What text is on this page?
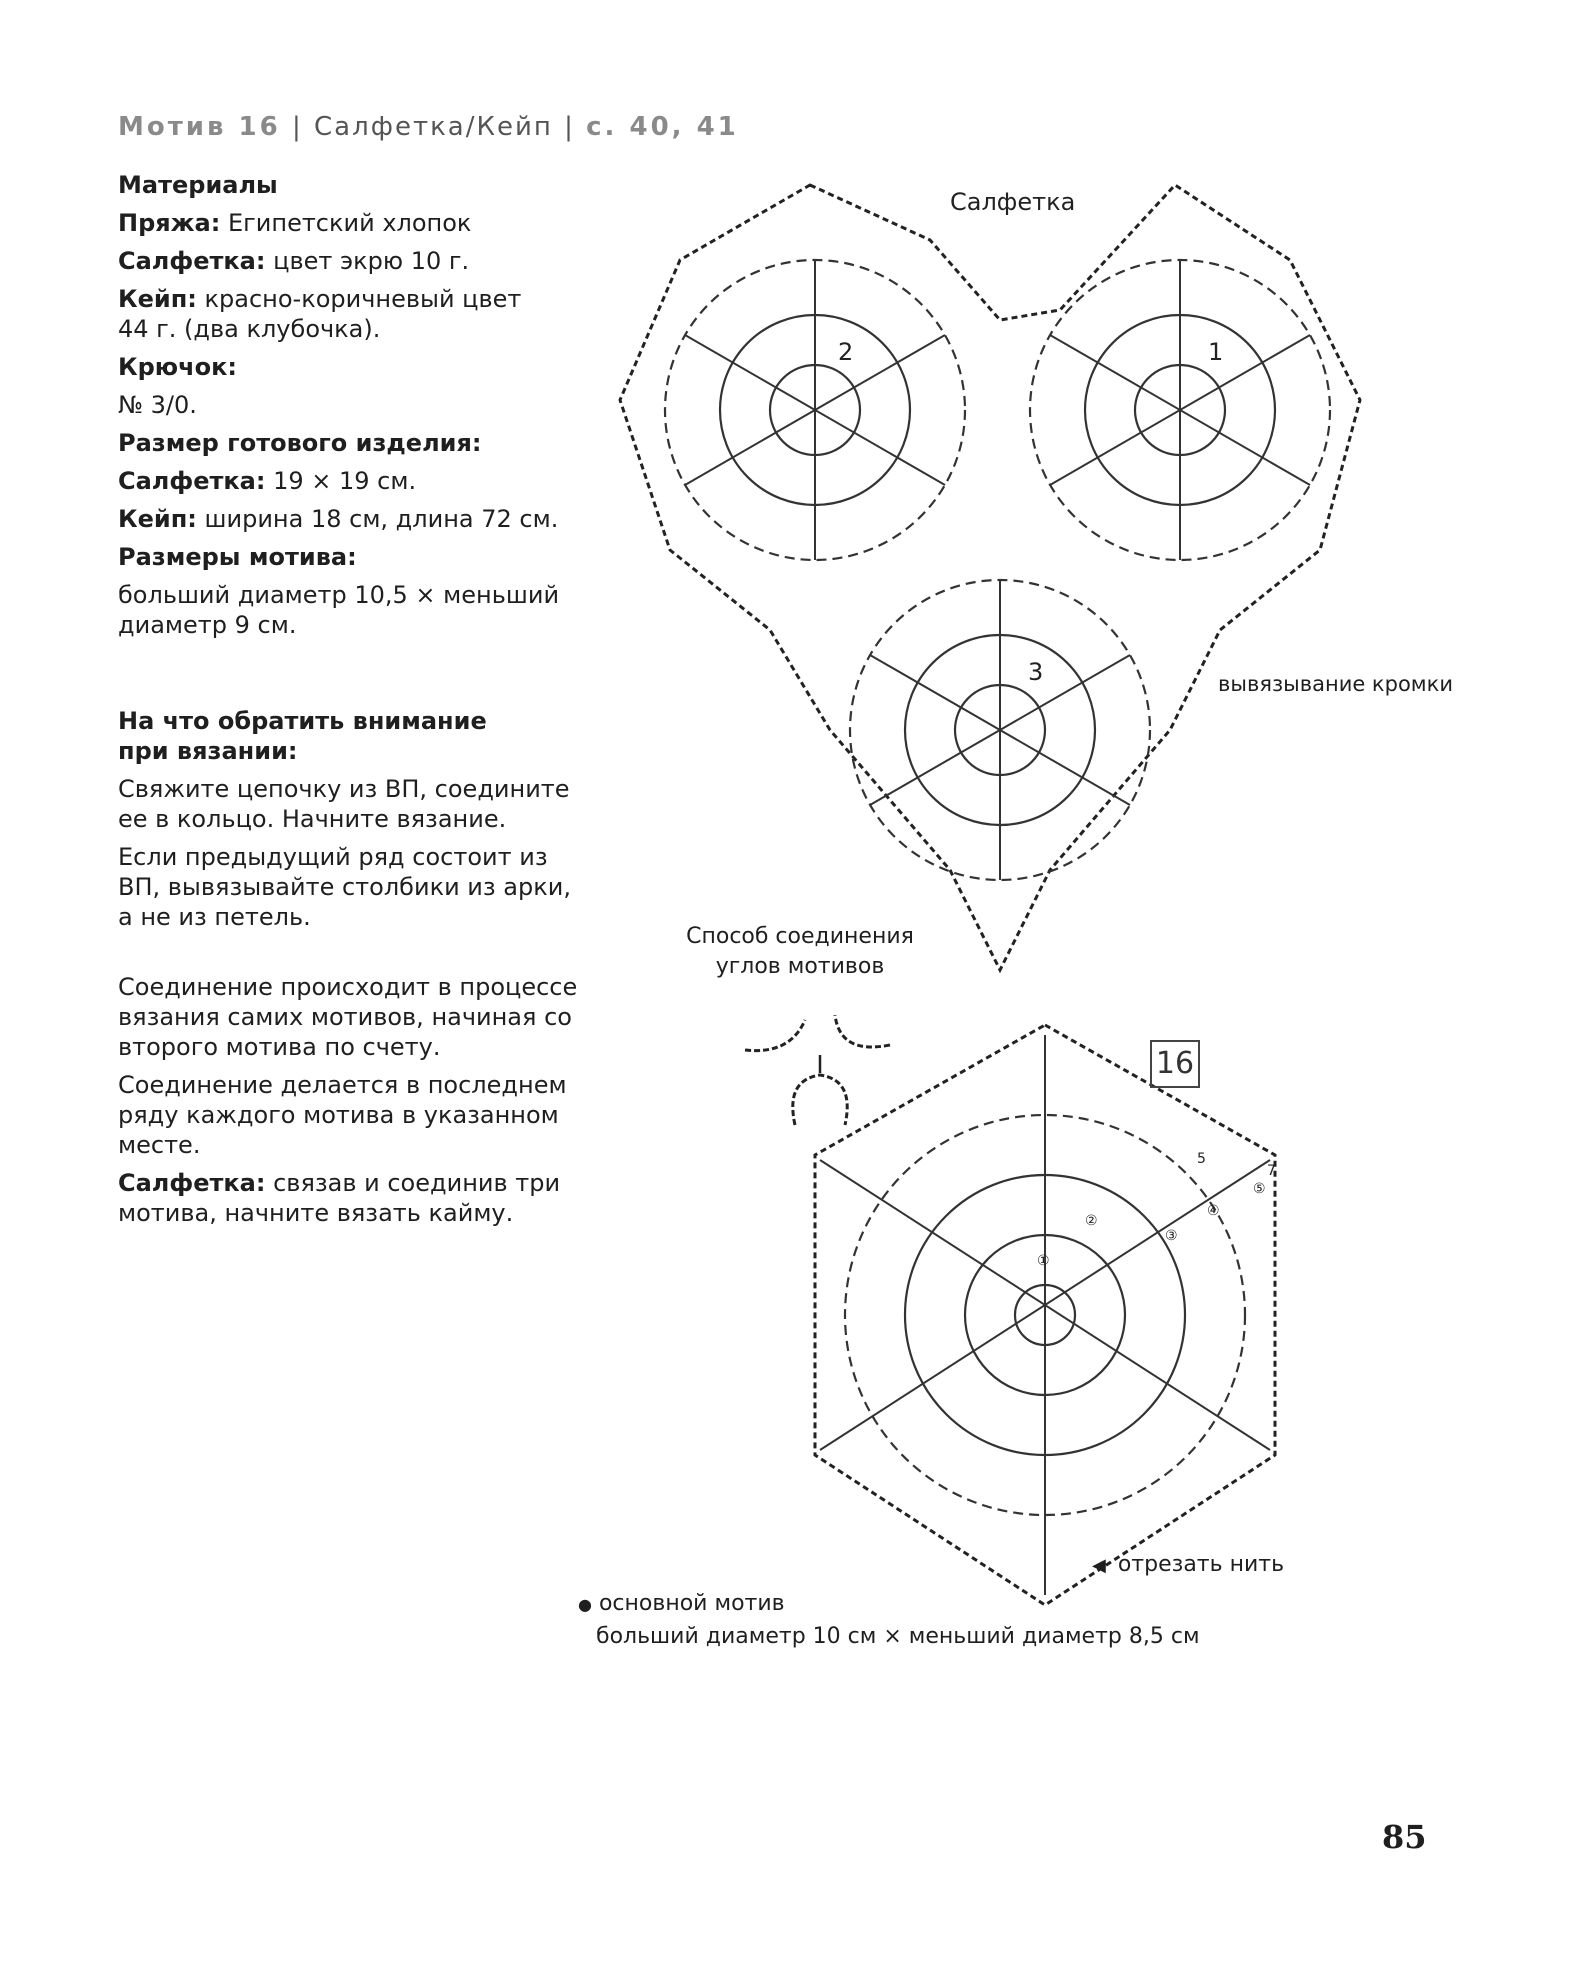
Мотив 16 | Салфетка/Кейп | с. 40, 41

Материалы

Пряжа: Египетский хлопок

Салфетка: цвет экрю 10 г.

Кейп: красно-коричневый цвет 44 г. (два клубочка).

Крючок:

№ 3/0.

Размер готового изделия:

Салфетка: 19 × 19 см.

Кейп: ширина 18 см, длина 72 см.

Размеры мотива:

больший диаметр 10,5 × меньший диаметр 9 см.

На что обратить внимание при вязании:

Свяжите цепочку из ВП, соедините ее в кольцо. Начните вязание.

Если предыдущий ряд состоит из ВП, вывязывайте столбики из арки, а не из петель.

Соединение происходит в процессе вязания самих мотивов, начиная со второго мотива по счету.

Соединение делается в последнем ряду каждого мотива в указанном месте.

Салфетка: связав и соединив три мотива, начните вязать кайму.

Салфетка
2	1
3	вывязывание кромки
Способ соединения углов мотивов
①
②
③
④
⑤
5
7
16
◀ отрезать нить
● основной мотив
больший диаметр 10 см × меньший диаметр 8,5 см
85
